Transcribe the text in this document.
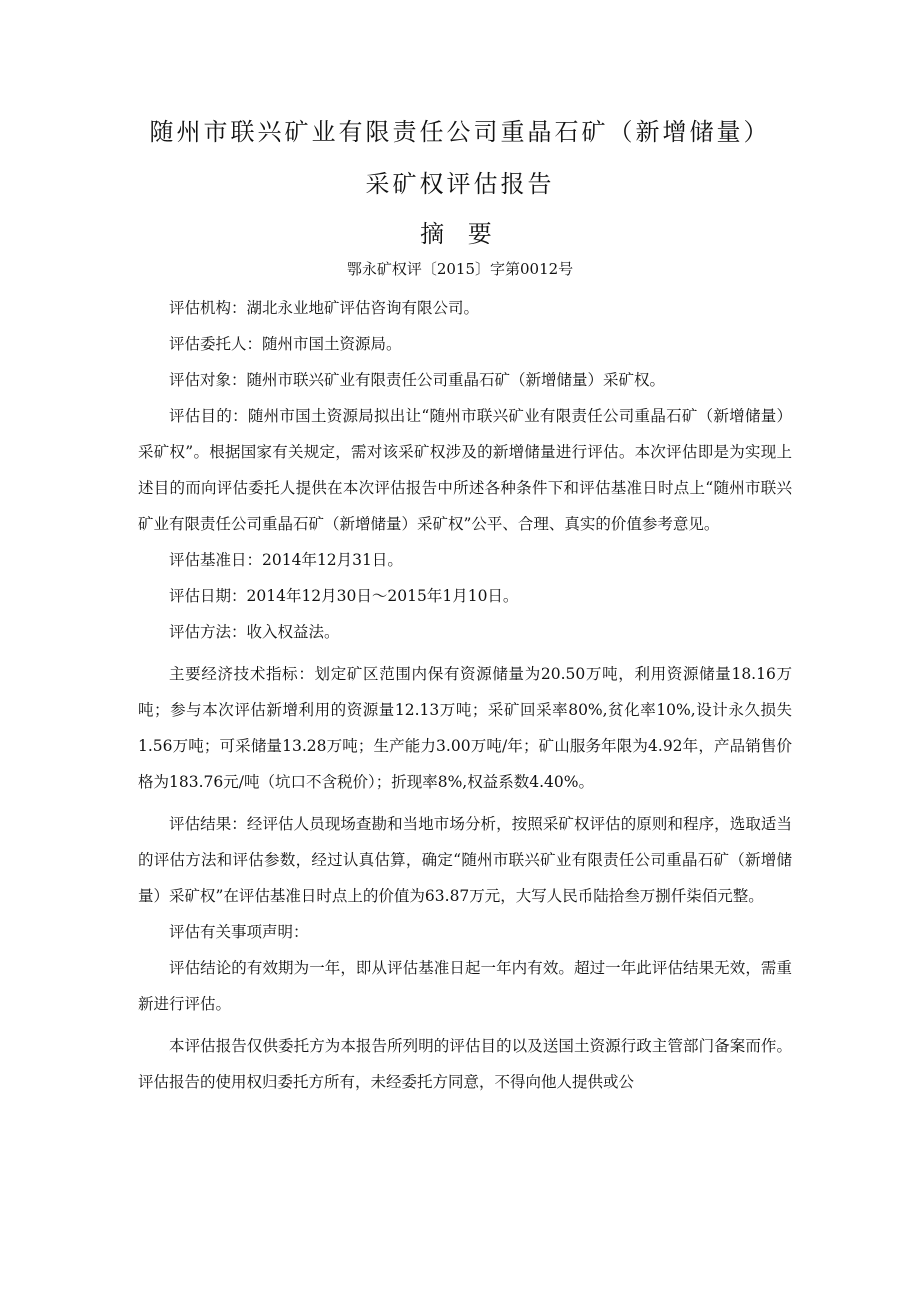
随州市联兴矿业有限责任公司重晶石矿（新增储量）
采矿权评估报告
摘 要
鄂永矿权评〔2015〕字第0012号

评估机构：湖北永业地矿评估咨询有限公司。

评估委托人：随州市国土资源局。

评估对象：随州市联兴矿业有限责任公司重晶石矿（新增储量）采矿权。

评估目的：随州市国土资源局拟出让“随州市联兴矿业有限责任公司重晶石矿（新增储量）采矿权”。根据国家有关规定，需对该采矿权涉及的新增储量进行评估。本次评估即是为实现上述目的而向评估委托人提供在本次评估报告中所述各种条件下和评估基准日时点上“随州市联兴矿业有限责任公司重晶石矿（新增储量）采矿权”公平、合理、真实的价值参考意见。

评估基准日：2014年12月31日。

评估日期：2014年12月30日～2015年1月10日。

评估方法：收入权益法。

主要经济技术指标：划定矿区范围内保有资源储量为20.50万吨，利用资源储量18.16万吨；参与本次评估新增利用的资源量12.13万吨；采矿回采率80%,贫化率10%,设计永久损失1.56万吨；可采储量13.28万吨；生产能力3.00万吨/年；矿山服务年限为4.92年，产品销售价格为183.76元/吨（坑口不含税价）；折现率8%,权益系数4.40%。

评估结果：经评估人员现场查勘和当地市场分析，按照采矿权评估的原则和程序，选取适当的评估方法和评估参数，经过认真估算，确定“随州市联兴矿业有限责任公司重晶石矿（新增储量）采矿权”在评估基准日时点上的价值为63.87万元，大写人民币陆拾叁万捌仟柒佰元整。

评估有关事项声明：

评估结论的有效期为一年，即从评估基准日起一年内有效。超过一年此评估结果无效，需重新进行评估。

本评估报告仅供委托方为本报告所列明的评估目的以及送国土资源行政主管部门备案而作。评估报告的使用权归委托方所有，未经委托方同意，不得向他人提供或公
